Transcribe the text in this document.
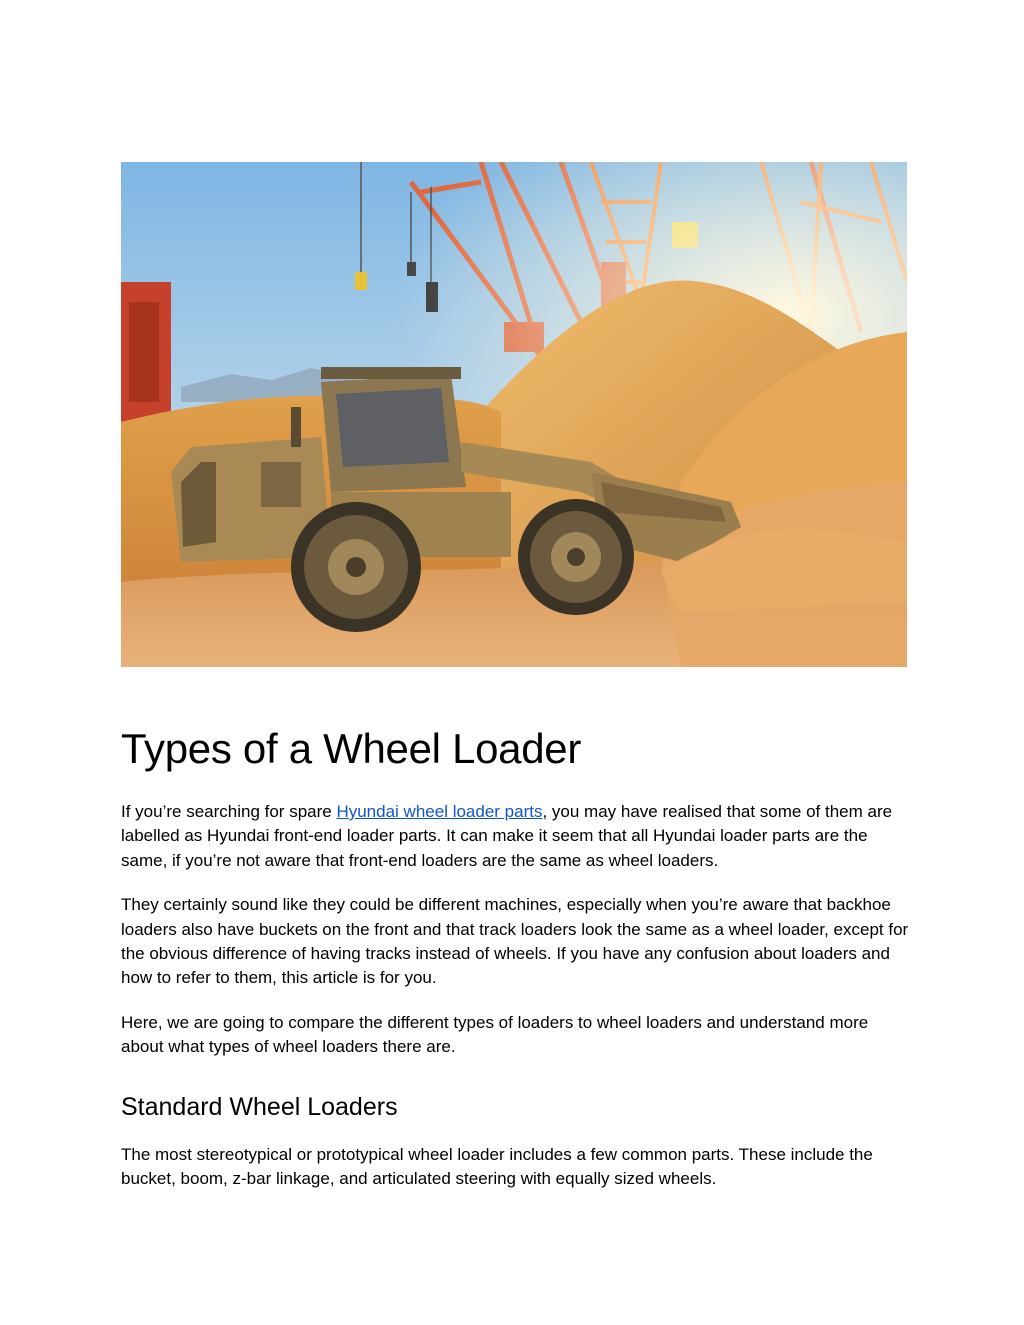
Types of a Wheel Loader

If you’re searching for spare Hyundai wheel loader parts, you may have realised that some of them are labelled as Hyundai front-end loader parts. It can make it seem that all Hyundai loader parts are the same, if you’re not aware that front-end loaders are the same as wheel loaders.

They certainly sound like they could be different machines, especially when you’re aware that backhoe loaders also have buckets on the front and that track loaders look the same as a wheel loader, except for the obvious difference of having tracks instead of wheels. If you have any confusion about loaders and how to refer to them, this article is for you.

Here, we are going to compare the different types of loaders to wheel loaders and understand more about what types of wheel loaders there are.

Standard Wheel Loaders

The most stereotypical or prototypical wheel loader includes a few common parts. These include the bucket, boom, z-bar linkage, and articulated steering with equally sized wheels.
